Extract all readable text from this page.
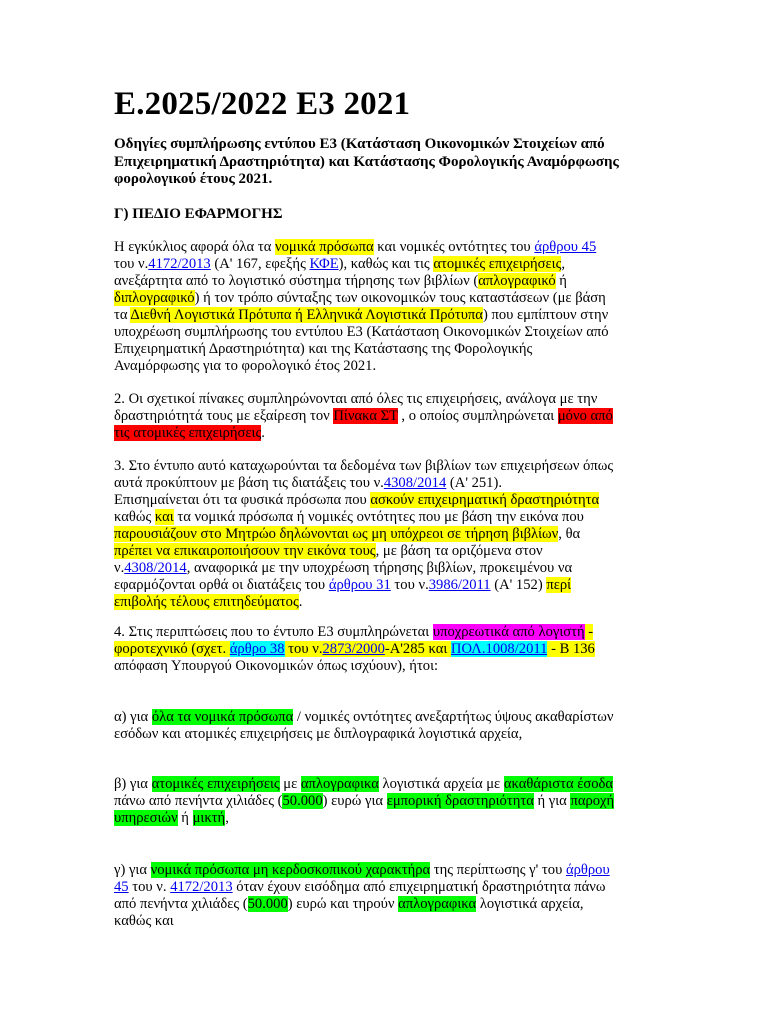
Ε.2025/2022 Ε3 2021

Οδηγίες συμπλήρωσης εντύπου Ε3 (Κατάσταση Οικονομικών Στοιχείων από Επιχειρηματική Δραστηριότητα) και Κατάστασης Φορολογικής Αναμόρφωσης φορολογικού έτους 2021.

Γ) ΠΕΔΙΟ ΕΦΑΡΜΟΓΗΣ

Η εγκύκλιος αφορά όλα τα νομικά πρόσωπα και νομικές οντότητες του άρθρου 45
του ν.4172/2013 (Α' 167, εφεξής ΚΦΕ), καθώς και τις ατομικές επιχειρήσεις,
ανεξάρτητα από το λογιστικό σύστημα τήρησης των βιβλίων (απλογραφικό ή
διπλογραφικό) ή τον τρόπο σύνταξης των οικονομικών τους καταστάσεων (με βάση
τα Διεθνή Λογιστικά Πρότυπα ή Ελληνικά Λογιστικά Πρότυπα) που εμπίπτουν στην
υποχρέωση συμπλήρωσης του εντύπου Ε3 (Κατάσταση Οικονομικών Στοιχείων από
Επιχειρηματική Δραστηριότητα) και της Κατάστασης της Φορολογικής
Αναμόρφωσης για το φορολογικό έτος 2021.
2. Οι σχετικοί πίνακες συμπληρώνονται από όλες τις επιχειρήσεις, ανάλογα με την
δραστηριότητά τους με εξαίρεση τον Πίνακα ΣΤ , ο οποίος συμπληρώνεται μόνο από
τις ατομικές επιχειρήσεις.
3. Στο έντυπο αυτό καταχωρούνται τα δεδομένα των βιβλίων των επιχειρήσεων όπως
αυτά προκύπτουν με βάση τις διατάξεις του ν.4308/2014 (Α' 251).
Επισημαίνεται ότι τα φυσικά πρόσωπα που ασκούν επιχειρηματική δραστηριότητα
καθώς και τα νομικά πρόσωπα ή νομικές οντότητες που με βάση την εικόνα που
παρουσιάζουν στο Μητρώο δηλώνονται ως μη υπόχρεοι σε τήρηση βιβλίων, θα
πρέπει να επικαιροποιήσουν την εικόνα τους, με βάση τα οριζόμενα στον
ν.4308/2014, αναφορικά με την υποχρέωση τήρησης βιβλίων, προκειμένου να
εφαρμόζονται ορθά οι διατάξεις του άρθρου 31 του ν.3986/2011 (Α' 152) περί
επιβολής τέλους επιτηδεύματος.
4. Στις περιπτώσεις που το έντυπο Ε3 συμπληρώνεται υποχρεωτικά από λογιστή -
φοροτεχνικό (σχετ. άρθρο 38 του ν.2873/2000-Α'285 και ΠΟΛ.1008/2011 - Β 136
απόφαση Υπουργού Οικονομικών όπως ισχύουν), ήτοι:
α) για όλα τα νομικά πρόσωπα / νομικές οντότητες ανεξαρτήτως ύψους ακαθαρίστων
εσόδων και ατομικές επιχειρήσεις με διπλογραφικά λογιστικά αρχεία,
β) για ατομικές επιχειρήσεις με απλογραφικα λογιστικά αρχεία με ακαθάριστα έσοδα
πάνω από πενήντα χιλιάδες (50.000) ευρώ για εμπορική δραστηριότητα ή για παροχή
υπηρεσιών ή μικτή,
γ) για νομικά πρόσωπα μη κερδοσκοπικού χαρακτήρα της περίπτωσης γ' του άρθρου
45 του ν. 4172/2013 όταν έχουν εισόδημα από επιχειρηματική δραστηριότητα πάνω
από πενήντα χιλιάδες (50.000) ευρώ και τηρούν απλογραφικα λογιστικά αρχεία,
καθώς και
